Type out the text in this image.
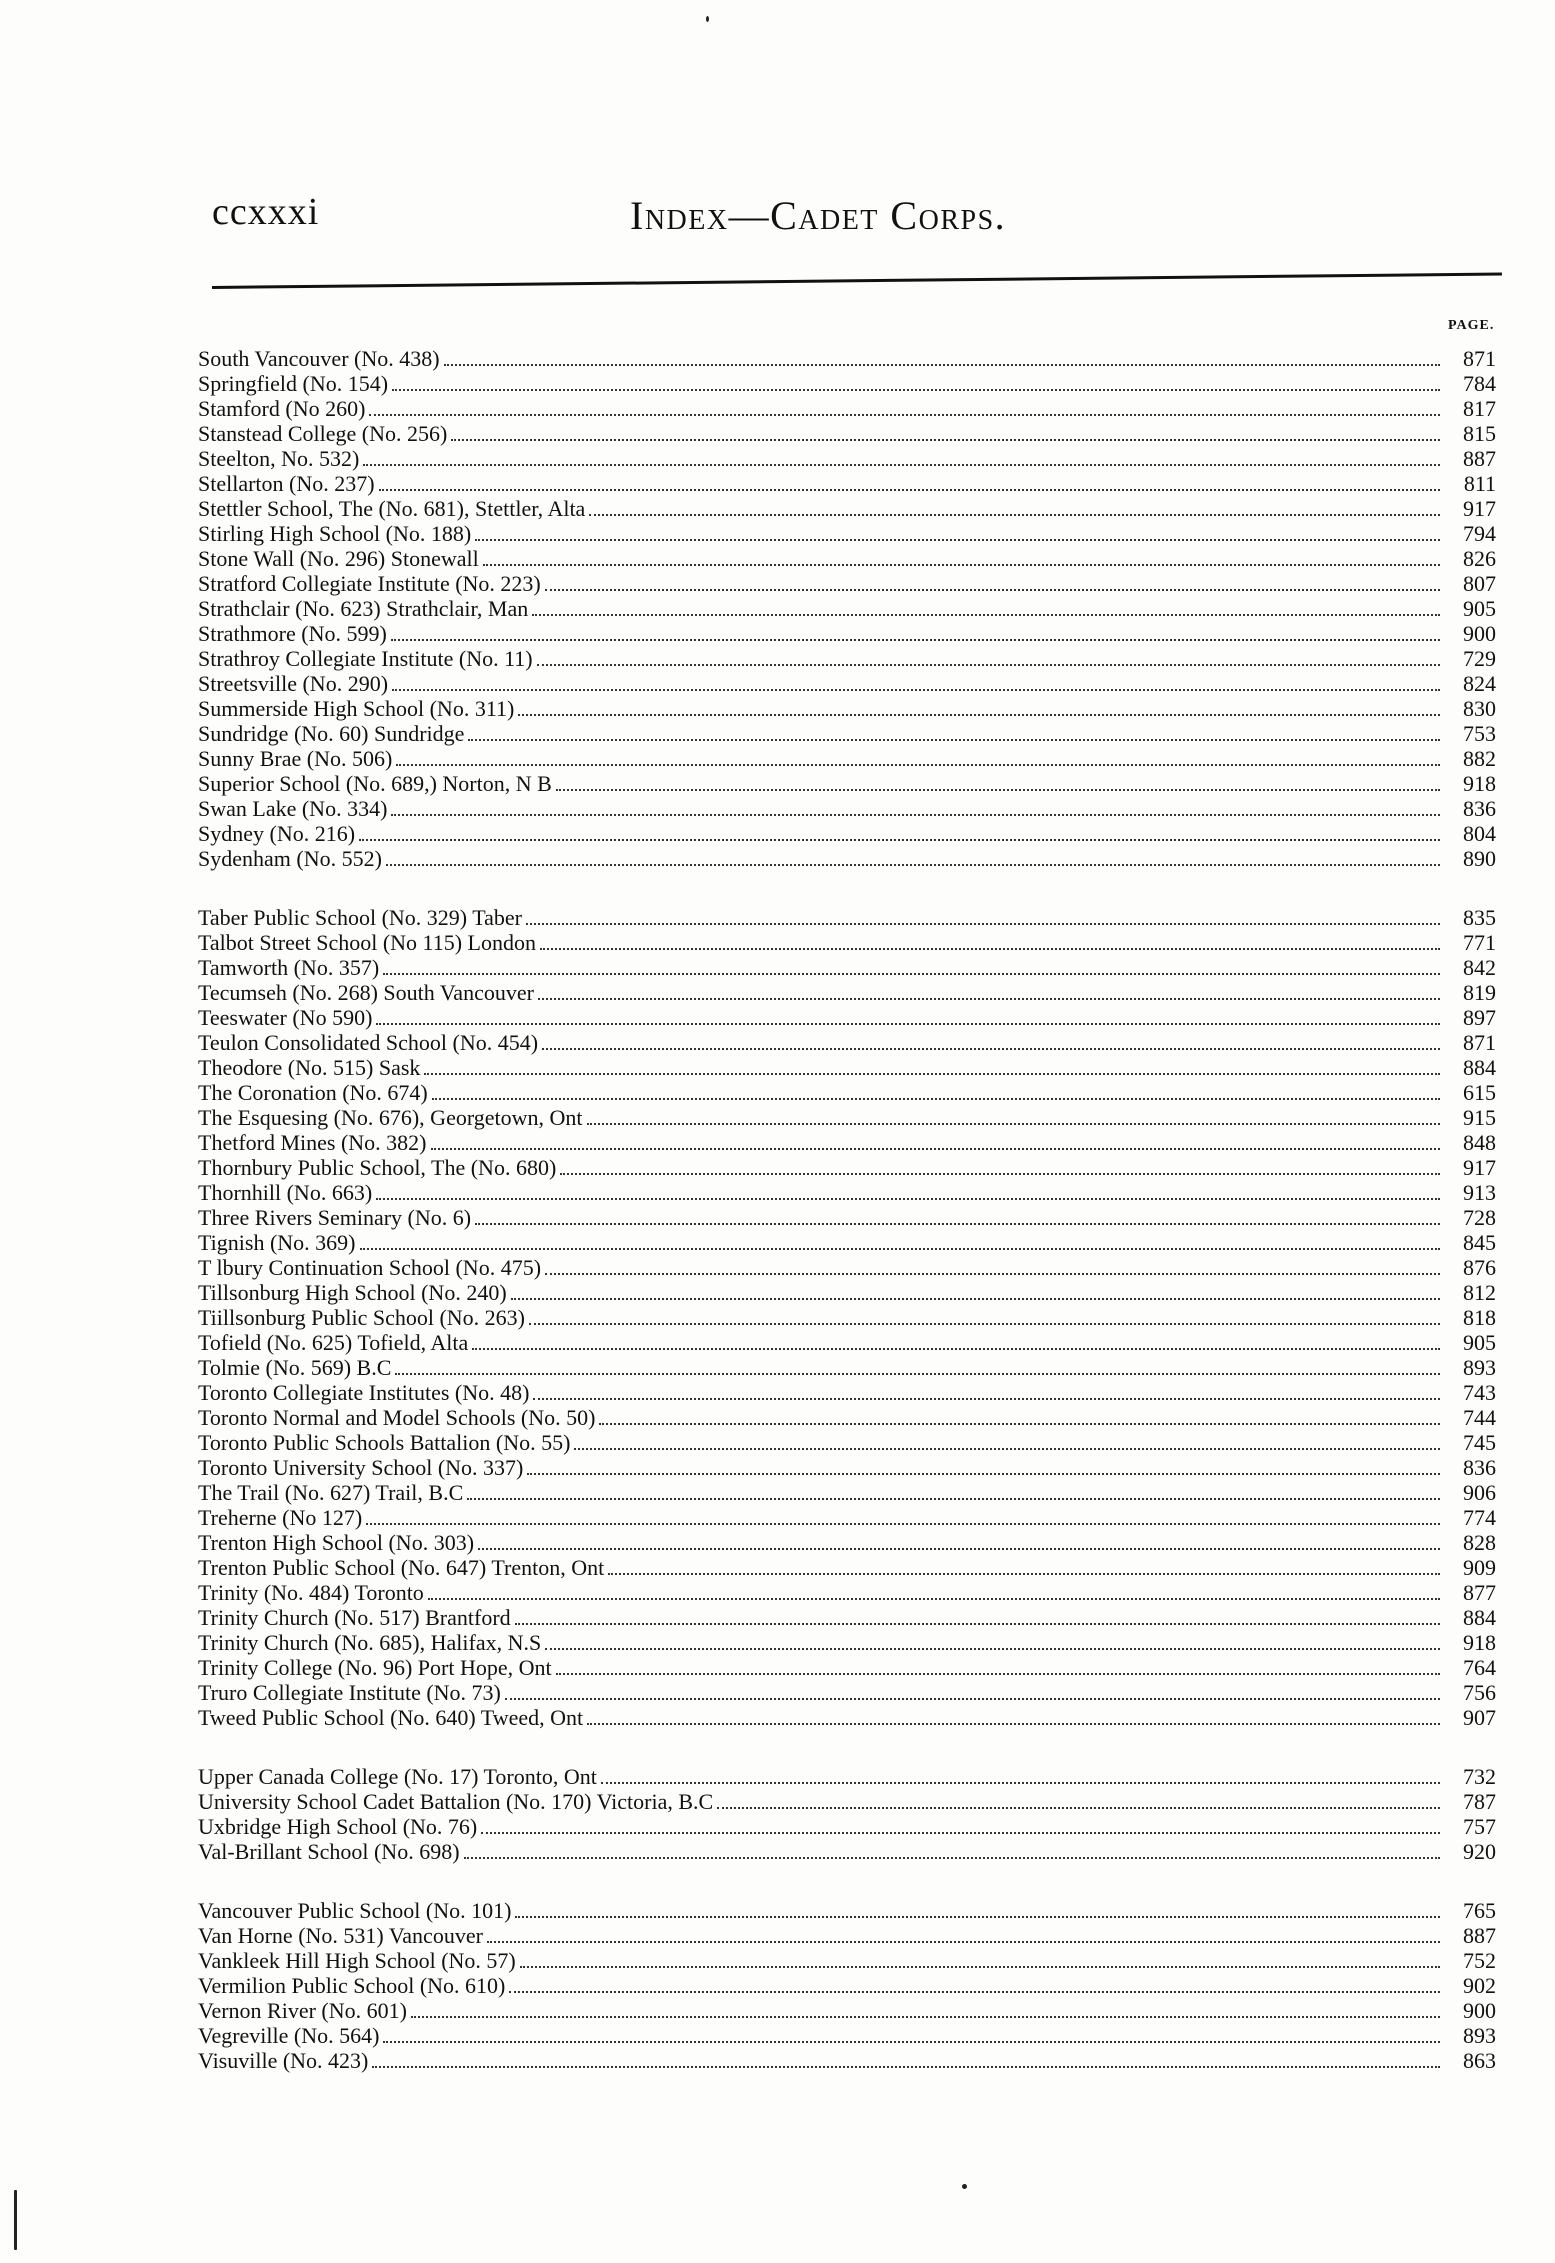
ccxxxi	Index—Cadet Corps.
PAGE.
South Vancouver (No. 438)	871
Springfield (No. 154)	784
Stamford (No 260)	817
Stanstead College (No. 256)	815
Steelton, No. 532)	887
Stellarton (No. 237)	811
Stettler School, The (No. 681), Stettler, Alta	917
Stirling High School (No. 188)	794
Stone Wall (No. 296) Stonewall	826
Stratford Collegiate Institute (No. 223)	807
Strathclair (No. 623) Strathclair, Man	905
Strathmore (No. 599)	900
Strathroy Collegiate Institute (No. 11)	729
Streetsville (No. 290)	824
Summerside High School (No. 311)	830
Sundridge (No. 60) Sundridge	753
Sunny Brae (No. 506)	882
Superior School (No. 689,) Norton, N B	918
Swan Lake (No. 334)	836
Sydney (No. 216)	804
Sydenham (No. 552)	890
Taber Public School (No. 329) Taber	835
Talbot Street School (No 115) London	771
Tamworth (No. 357)	842
Tecumseh (No. 268) South Vancouver	819
Teeswater (No 590)	897
Teulon Consolidated School (No. 454)	871
Theodore (No. 515) Sask	884
The Coronation (No. 674)	615
The Esquesing (No. 676), Georgetown, Ont	915
Thetford Mines (No. 382)	848
Thornbury Public School, The (No. 680)	917
Thornhill (No. 663)	913
Three Rivers Seminary (No. 6)	728
Tignish (No. 369)	845
T lbury Continuation School (No. 475)	876
Tillsonburg High School (No. 240)	812
Tiillsonburg Public School (No. 263)	818
Tofield (No. 625) Tofield, Alta	905
Tolmie (No. 569) B.C	893
Toronto Collegiate Institutes (No. 48)	743
Toronto Normal and Model Schools (No. 50)	744
Toronto Public Schools Battalion (No. 55)	745
Toronto University School (No. 337)	836
The Trail (No. 627) Trail, B.C	906
Treherne (No 127)	774
Trenton High School (No. 303)	828
Trenton Public School (No. 647) Trenton, Ont	909
Trinity (No. 484) Toronto	877
Trinity Church (No. 517) Brantford	884
Trinity Church (No. 685), Halifax, N.S	918
Trinity College (No. 96) Port Hope, Ont	764
Truro Collegiate Institute (No. 73)	756
Tweed Public School (No. 640) Tweed, Ont	907
Upper Canada College (No. 17) Toronto, Ont	732
University School Cadet Battalion (No. 170) Victoria, B.C	787
Uxbridge High School (No. 76)	757
Val-Brillant School (No. 698)	920
Vancouver Public School (No. 101)	765
Van Horne (No. 531) Vancouver	887
Vankleek Hill High School (No. 57)	752
Vermilion Public School (No. 610)	902
Vernon River (No. 601)	900
Vegreville (No. 564)	893
Visuville (No. 423)	863
